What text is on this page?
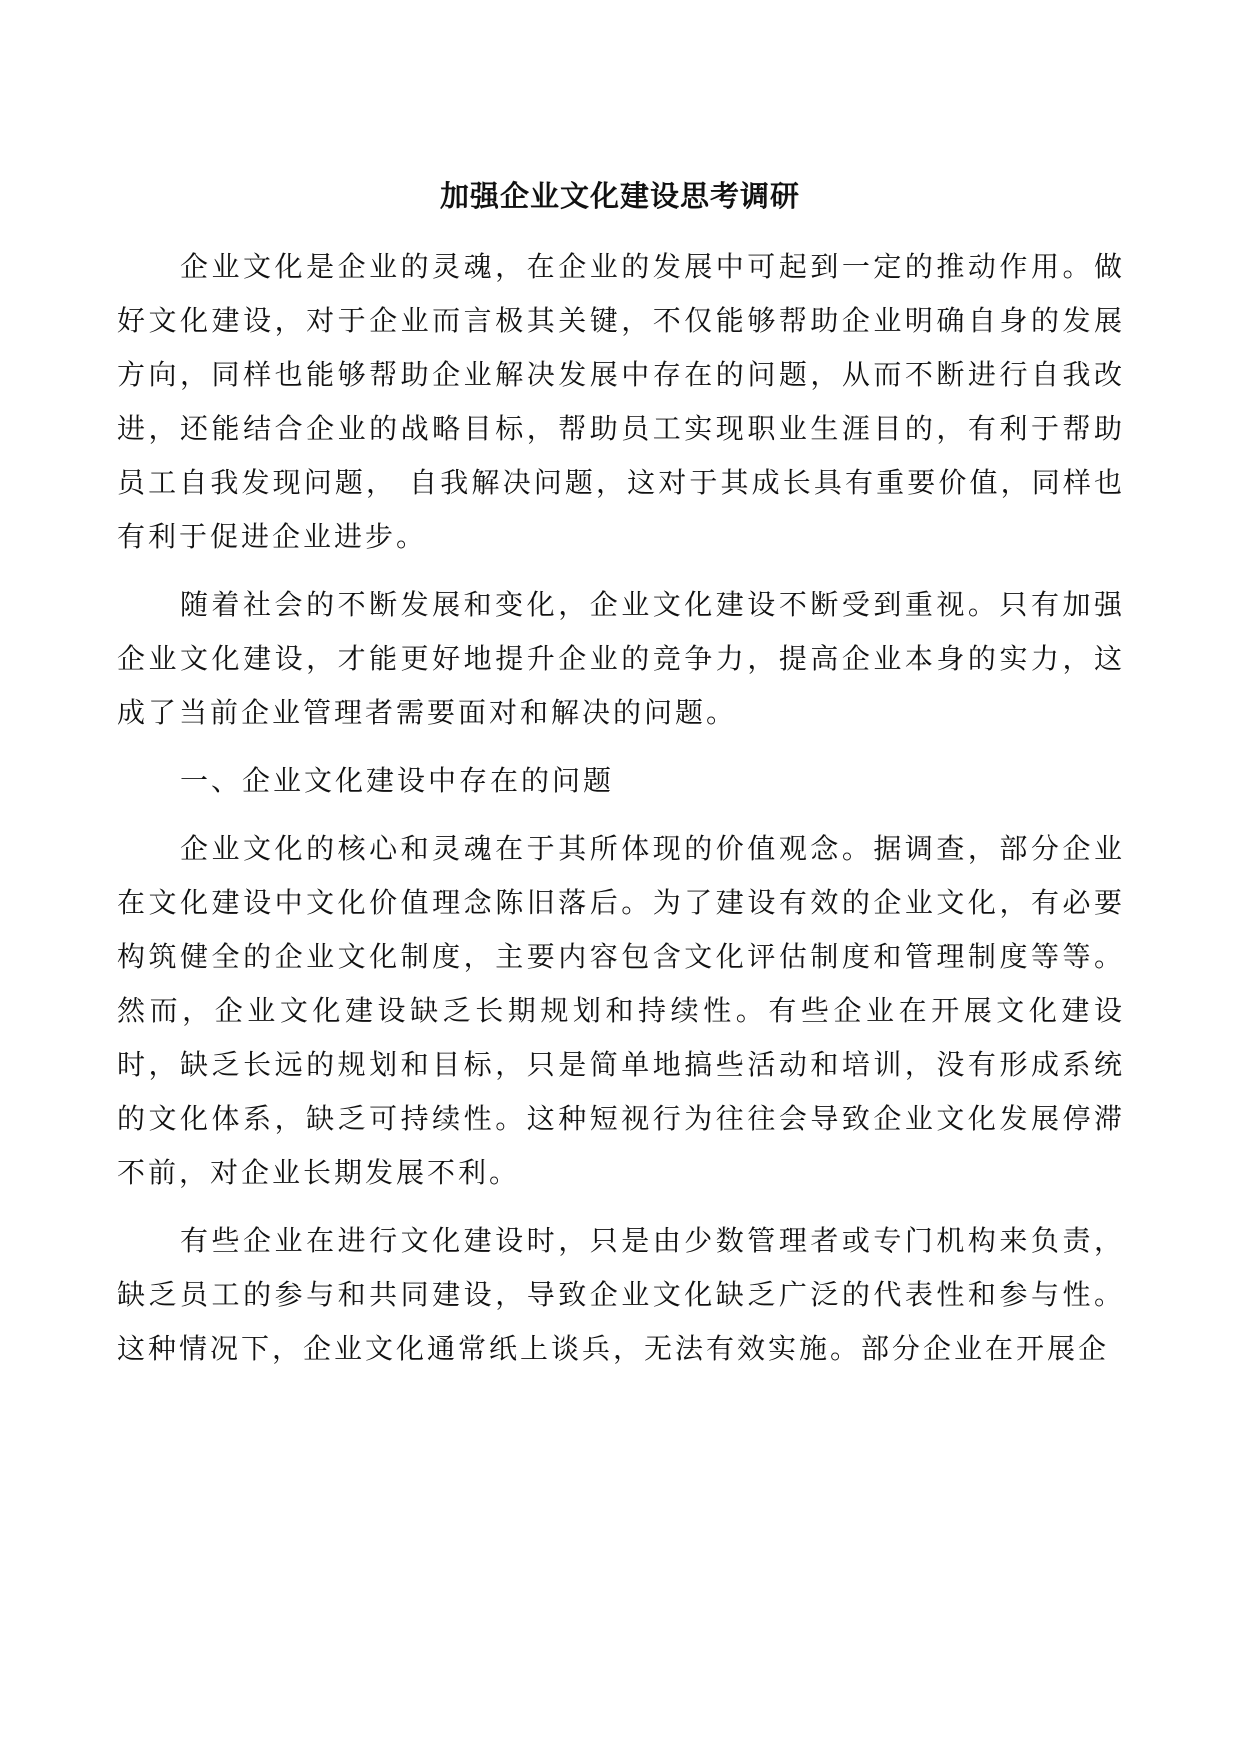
加强企业文化建设思考调研

企业文化是企业的灵魂，在企业的发展中可起到一定的推动作用。做好文化建设，对于企业而言极其关键，不仅能够帮助企业明确自身的发展方向，同样也能够帮助企业解决发展中存在的问题，从而不断进行自我改进，还能结合企业的战略目标，帮助员工实现职业生涯目的，有利于帮助员工自我发现问题， 自我解决问题，这对于其成长具有重要价值，同样也有利于促进企业进步。

随着社会的不断发展和变化，企业文化建设不断受到重视。只有加强企业文化建设，才能更好地提升企业的竞争力，提高企业本身的实力，这成了当前企业管理者需要面对和解决的问题。

一、企业文化建设中存在的问题

企业文化的核心和灵魂在于其所体现的价值观念。据调查，部分企业在文化建设中文化价值理念陈旧落后。为了建设有效的企业文化，有必要构筑健全的企业文化制度，主要内容包含文化评估制度和管理制度等等。然而，企业文化建设缺乏长期规划和持续性。有些企业在开展文化建设时，缺乏长远的规划和目标，只是简单地搞些活动和培训，没有形成系统的文化体系，缺乏可持续性。这种短视行为往往会导致企业文化发展停滞不前，对企业长期发展不利。

有些企业在进行文化建设时，只是由少数管理者或专门机构来负责，缺乏员工的参与和共同建设，导致企业文化缺乏广泛的代表性和参与性。这种情况下，企业文化通常纸上谈兵，无法有效实施。部分企业在开展企
